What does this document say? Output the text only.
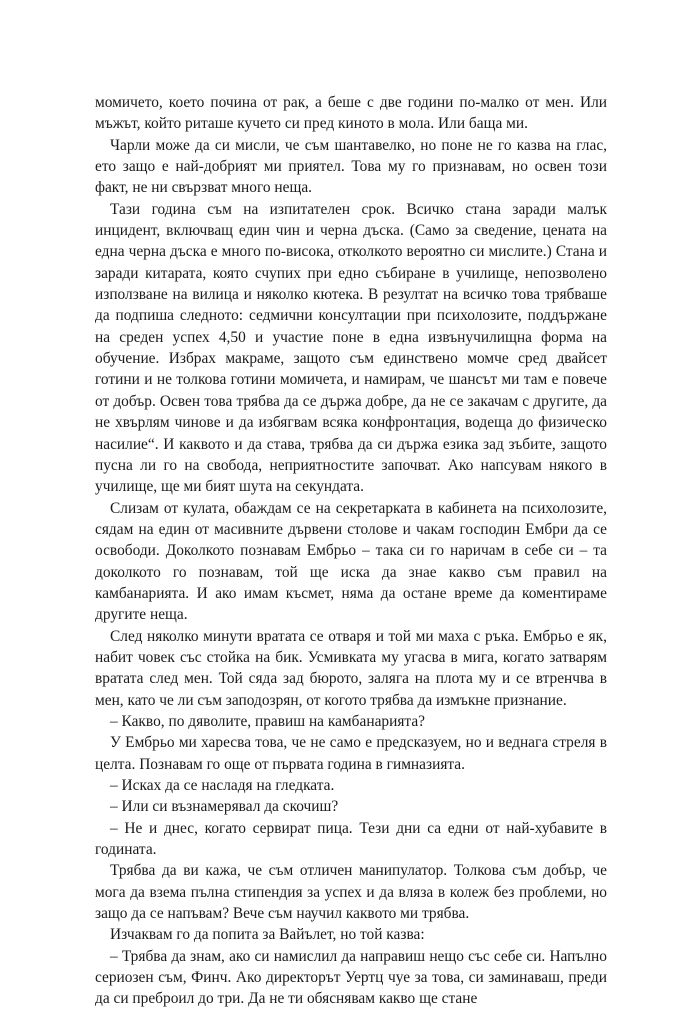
момичето, което почина от рак, а беше с две години по-малко от мен. Или мъжът, който риташе кучето си пред киното в мола. Или баща ми.

Чарли може да си мисли, че съм шантавелко, но поне не го казва на глас, ето защо е най-добрият ми приятел. Това му го признавам, но освен този факт, не ни свързват много неща.

Тази година съм на изпитателен срок. Всичко стана заради малък инцидент, включващ един чин и черна дъска. (Само за сведение, цената на една черна дъска е много по-висока, отколкото вероятно си мислите.) Стана и заради китарата, която счупих при едно събиране в училище, непозволено използване на вилица и няколко кютека. В резултат на всичко това трябваше да подпиша следното: седмични консултации при психолозите, поддържане на среден успех 4,50 и участие поне в една извънучилищна форма на обучение. Избрах макраме, защото съм единствено момче сред двайсет готини и не толкова готини момичета, и намирам, че шансът ми там е повече от добър. Освен това трябва да се държа добре, да не се закачам с другите, да не хвърлям чинове и да избягвам всяка конфронтация, водеща до физическо насилие“. И каквото и да става, трябва да си държа езика зад зъбите, защото пусна ли го на свобода, неприятностите започват. Ако напсувам някого в училище, ще ми бият шута на секундата.

Слизам от кулата, обаждам се на секретарката в кабинета на психолозите, сядам на един от масивните дървени столове и чакам господин Ембри да се освободи. Доколкото познавам Ембрьо – така си го наричам в себе си – та доколкото го познавам, той ще иска да знае какво съм правил на камбанарията. И ако имам късмет, няма да остане време да коментираме другите неща.

След няколко минути вратата се отваря и той ми маха с ръка. Ембрьо е як, набит човек със стойка на бик. Усмивката му угасва в мига, когато затварям вратата след мен. Той сяда зад бюрото, заляга на плота му и се втренчва в мен, като че ли съм заподозрян, от когото трябва да измъкне признание.

– Какво, по дяволите, правиш на камбанарията?

У Ембрьо ми харесва това, че не само е предсказуем, но и веднага стреля в целта. Познавам го още от първата година в гимназията.

– Исках да се насладя на гледката.

– Или си възнамерявал да скочиш?

– Не и днес, когато сервират пица. Тези дни са едни от най-хубавите в годината.

Трябва да ви кажа, че съм отличен манипулатор. Толкова съм добър, че мога да взема пълна стипендия за успех и да вляза в колеж без проблеми, но защо да се напъвам? Вече съм научил каквото ми трябва.

Изчаквам го да попита за Вайълет, но той казва:

– Трябва да знам, ако си намислил да направиш нещо със себе си. Напълно сериозен съм, Финч. Ако директорът Уертц чуе за това, си заминаваш, преди да си преброил до три. Да не ти обяснявам какво ще стане
